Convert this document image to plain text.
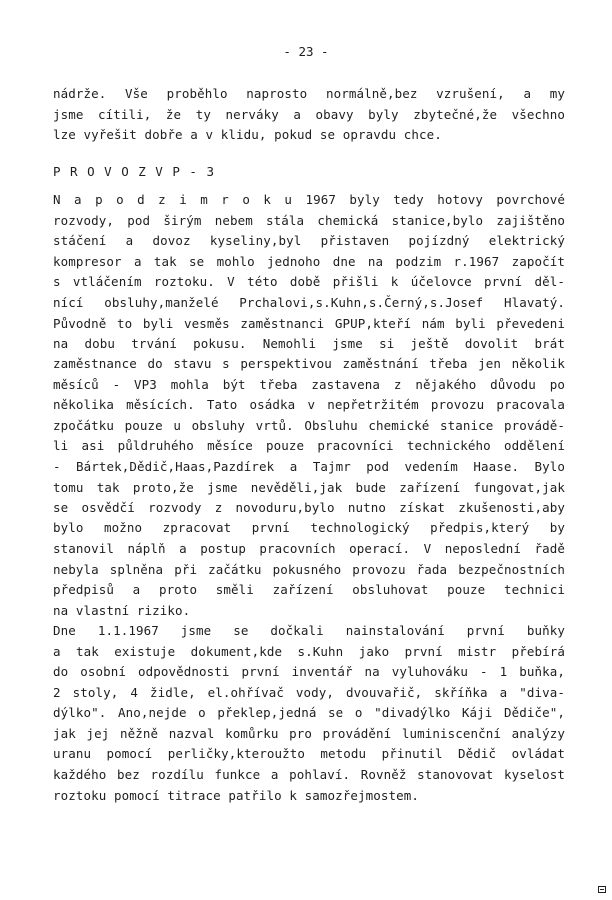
- 23 -
nádrže. Vše proběhlo naprosto normálně,bez vzrušení, a my
jsme cítili, že ty nerváky a obavy byly zbytečné,že všechno
lze vyřešit dobře a v klidu, pokud se opravdu chce.
P R O V O Z V P - 3
N a p o d z i m r o k u 1967 byly tedy hotovy povrchové
rozvody, pod širým nebem stála chemická stanice,bylo zajištěno
stáčení a dovoz kyseliny,byl přistaven pojízdný elektrický
kompresor a tak se mohlo jednoho dne na podzim r.1967 započít
s vtláčením roztoku. V této době přišli k účelovce první děl-
nící obsluhy,manželé Prchalovi,s.Kuhn,s.Černý,s.Josef Hlavatý.
Původně to byli vesměs zaměstnanci GPUP,kteří nám byli převedeni
na dobu trvání pokusu. Nemohli jsme si ještě dovolit brát
zaměstnance do stavu s perspektivou zaměstnání třeba jen několik
měsíců - VP3 mohla být třeba zastavena z nějakého důvodu po
několika měsících. Tato osádka v nepřetržitém provozu pracovala
zpočátku pouze u obsluhy vrtů. Obsluhu chemické stanice provádě-
li asi půldruhého měsíce pouze pracovníci technického oddělení
- Bártek,Dědič,Haas,Pazdírek a Tajmr pod vedením Haase. Bylo
tomu tak proto,že jsme nevěděli,jak bude zařízení fungovat,jak
se osvědčí rozvody z novoduru,bylo nutno získat zkušenosti,aby
bylo možno zpracovat první technologický předpis,který by
stanovil náplň a postup pracovních operací. V neposlední řadě
nebyla splněna při začátku pokusného provozu řada bezpečnostních
předpisů a proto směli zařízení obsluhovat pouze technici
na vlastní riziko.
Dne 1.1.1967 jsme se dočkali nainstalování první buňky
a tak existuje dokument,kde s.Kuhn jako první mistr přebírá
do osobní odpovědnosti první inventář na vyluhováku - 1 buňka,
2 stoly, 4 židle, el.ohřívač vody, dvouvařič, skříňka a "diva-
dýlko". Ano,nejde o překlep,jedná se o "divadýlko Káji Dědiče",
jak jej něžně nazval komůrku pro provádění luminiscenční analýzy
uranu pomocí perličky,kteroužto metodu přinutil Dědič ovládat
každého bez rozdílu funkce a pohlaví. Rovněž stanovovat kyselost
roztoku pomocí titrace patřilo k samozřejmostem.
